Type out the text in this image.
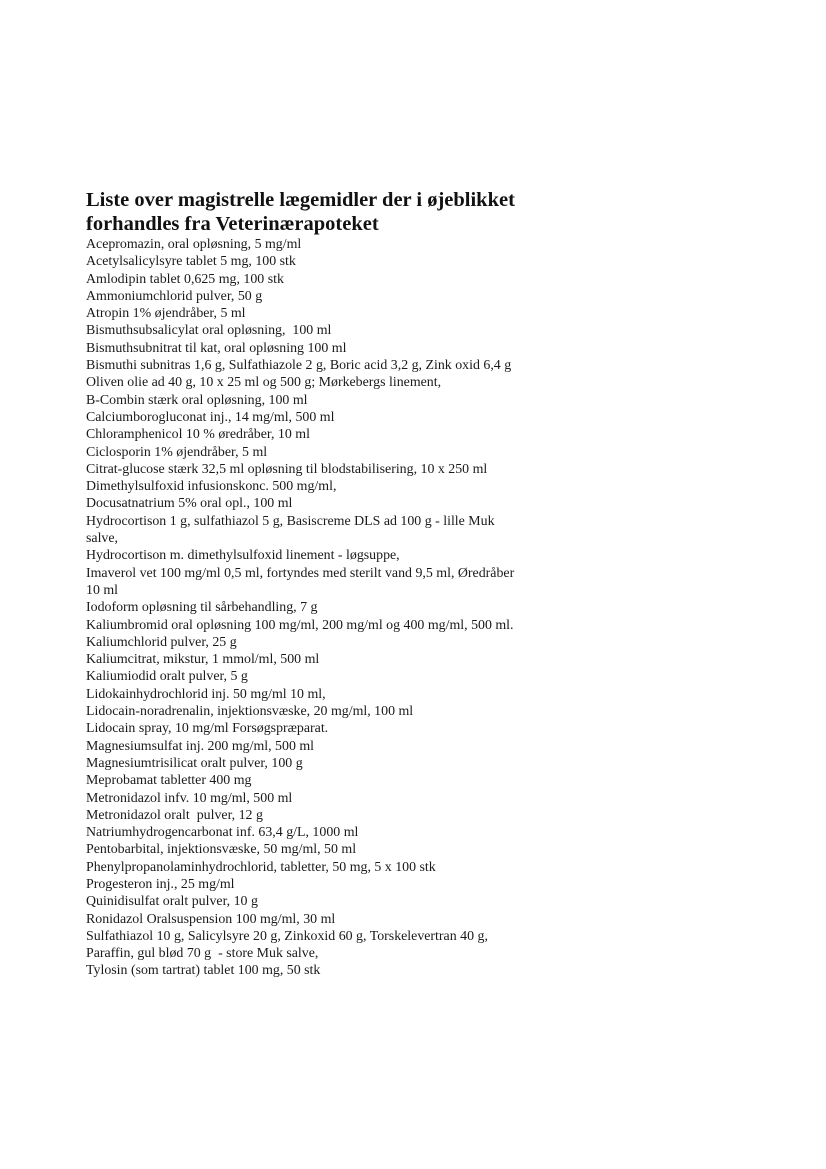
Liste over magistrelle lægemidler der i øjeblikket
forhandles fra Veterinærapoteket
Acepromazin, oral opløsning, 5 mg/ml
Acetylsalicylsyre tablet 5 mg, 100 stk
Amlodipin tablet 0,625 mg, 100 stk
Ammoniumchlorid pulver, 50 g
Atropin 1% øjendråber, 5 ml
Bismuthsubsalicylat oral opløsning,  100 ml
Bismuthsubnitrat til kat, oral opløsning 100 ml
Bismuthi subnitras 1,6 g, Sulfathiazole 2 g, Boric acid 3,2 g, Zink oxid 6,4 g
Oliven olie ad 40 g, 10 x 25 ml og 500 g; Mørkebergs linement,
B-Combin stærk oral opløsning, 100 ml
Calciumborogluconat inj., 14 mg/ml, 500 ml
Chloramphenicol 10 % øredråber, 10 ml
Ciclosporin 1% øjendråber, 5 ml
Citrat-glucose stærk 32,5 ml opløsning til blodstabilisering, 10 x 250 ml
Dimethylsulfoxid infusionskonc. 500 mg/ml,
Docusatnatrium 5% oral opl., 100 ml
Hydrocortison 1 g, sulfathiazol 5 g, Basiscreme DLS ad 100 g - lille Muk
salve,
Hydrocortison m. dimethylsulfoxid linement - løgsuppe,
Imaverol vet 100 mg/ml 0,5 ml, fortyndes med sterilt vand 9,5 ml, Øredråber
10 ml
Iodoform opløsning til sårbehandling, 7 g
Kaliumbromid oral opløsning 100 mg/ml, 200 mg/ml og 400 mg/ml, 500 ml.
Kaliumchlorid pulver, 25 g
Kaliumcitrat, mikstur, 1 mmol/ml, 500 ml
Kaliumiodid oralt pulver, 5 g
Lidokainhydrochlorid inj. 50 mg/ml 10 ml,
Lidocain-noradrenalin, injektionsvæske, 20 mg/ml, 100 ml
Lidocain spray, 10 mg/ml Forsøgspræparat.
Magnesiumsulfat inj. 200 mg/ml, 500 ml
Magnesiumtrisilicat oralt pulver, 100 g
Meprobamat tabletter 400 mg
Metronidazol infv. 10 mg/ml, 500 ml
Metronidazol oralt  pulver, 12 g
Natriumhydrogencarbonat inf. 63,4 g/L, 1000 ml
Pentobarbital, injektionsvæske, 50 mg/ml, 50 ml
Phenylpropanolaminhydrochlorid, tabletter, 50 mg, 5 x 100 stk
Progesteron inj., 25 mg/ml
Quinidisulfat oralt pulver, 10 g
Ronidazol Oralsuspension 100 mg/ml, 30 ml
Sulfathiazol 10 g, Salicylsyre 20 g, Zinkoxid 60 g, Torskelevertran 40 g,
Paraffin, gul blød 70 g  - store Muk salve,
Tylosin (som tartrat) tablet 100 mg, 50 stk
